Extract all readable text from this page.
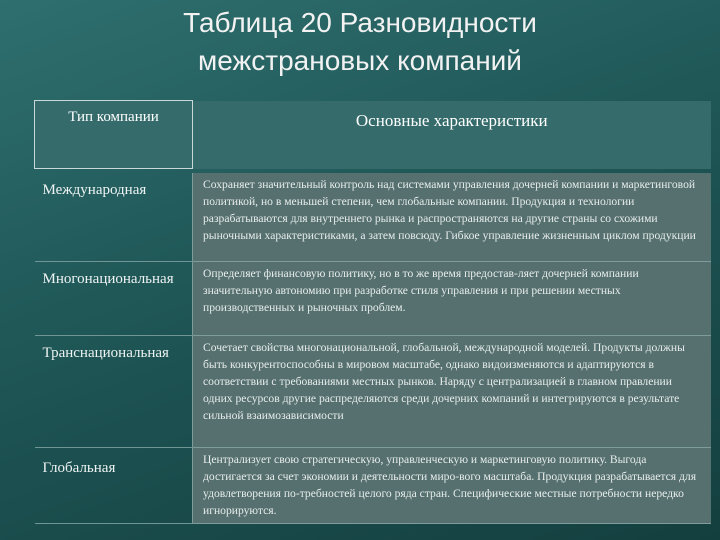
Таблица 20 Разновидности
межстрановых компаний
Тип компании	Основные характеристики

Международная	Сохраняет значительный контроль над системами управления дочерней компании и маркетинговой политикой, но в меньшей степени, чем глобальные компании. Продукция и технологии разрабатываются для внутреннего рынка и распространяются на другие страны со схожими рыночными характеристиками, а затем повсюду. Гибкое управление жизненным циклом продукции
Многонациональная	Определяет финансовую политику, но в то же время предостав-ляет дочерней компании значительную автономию при разработке стиля управления и при решении местных производственных и рыночных проблем.
Транснациональная	Сочетает свойства многонациональной, глобальной, международной моделей. Продукты должны быть конкурентоспособны в мировом масштабе, однако видоизменяются и адаптируются в соответствии с требованиями местных рынков. Наряду с централизацией в главном правлении одних ресурсов другие распределяются среди дочерних компаний и интегрируются в результате сильной взаимозависимости
Глобальная	Централизует свою стратегическую, управленческую и маркетинговую политику. Выгода достигается за счет экономии и деятельности миро-вого масштаба. Продукция разрабатывается для удовлетворения по-требностей целого ряда стран. Специфические местные потребности нередко игнорируются.
